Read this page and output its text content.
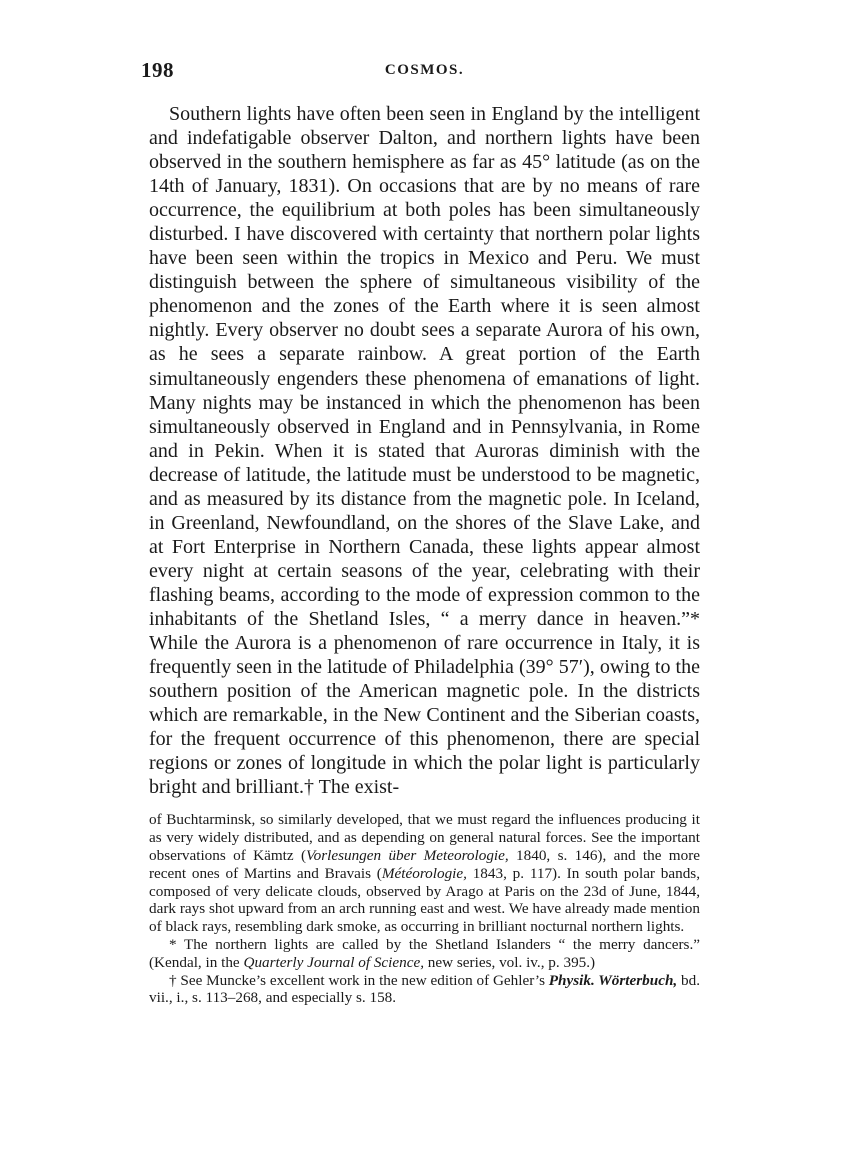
198	COSMOS.

Southern lights have often been seen in England by the intelligent and indefatigable observer Dalton, and northern lights have been observed in the southern hemisphere as far as 45° latitude (as on the 14th of January, 1831). On occasions that are by no means of rare occurrence, the equilibrium at both poles has been simultaneously disturbed. I have discovered with certainty that northern polar lights have been seen within the tropics in Mexico and Peru. We must distinguish between the sphere of simultaneous visibility of the phenomenon and the zones of the Earth where it is seen almost nightly. Every observer no doubt sees a separate Aurora of his own, as he sees a separate rainbow. A great portion of the Earth simultaneously engenders these phenomena of emanations of light. Many nights may be instanced in which the phenomenon has been simultaneously observed in England and in Pennsylvania, in Rome and in Pekin. When it is stated that Auroras diminish with the decrease of latitude, the latitude must be understood to be magnetic, and as measured by its distance from the magnetic pole. In Iceland, in Greenland, Newfoundland, on the shores of the Slave Lake, and at Fort Enterprise in Northern Canada, these lights appear almost every night at certain seasons of the year, celebrating with their flashing beams, according to the mode of expression common to the inhabitants of the Shetland Isles, “ a merry dance in heaven.”* While the Aurora is a phenomenon of rare occurrence in Italy, it is frequently seen in the latitude of Philadelphia (39° 57′), owing to the southern position of the American magnetic pole. In the districts which are remarkable, in the New Continent and the Siberian coasts, for the frequent occurrence of this phenomenon, there are special regions or zones of longitude in which the polar light is particularly bright and brilliant.† The exist-

of Buchtarminsk, so similarly developed, that we must regard the influences producing it as very widely distributed, and as depending on general natural forces. See the important observations of Kämtz (Vorlesungen über Meteorologie, 1840, s. 146), and the more recent ones of Martins and Bravais (Météorologie, 1843, p. 117). In south polar bands, composed of very delicate clouds, observed by Arago at Paris on the 23d of June, 1844, dark rays shot upward from an arch running east and west. We have already made mention of black rays, resembling dark smoke, as occurring in brilliant nocturnal northern lights.

* The northern lights are called by the Shetland Islanders “ the merry dancers.” (Kendal, in the Quarterly Journal of Science, new series, vol. iv., p. 395.)

† See Muncke’s excellent work in the new edition of Gehler’s Physik. Wörterbuch, bd. vii., i., s. 113–268, and especially s. 158.
